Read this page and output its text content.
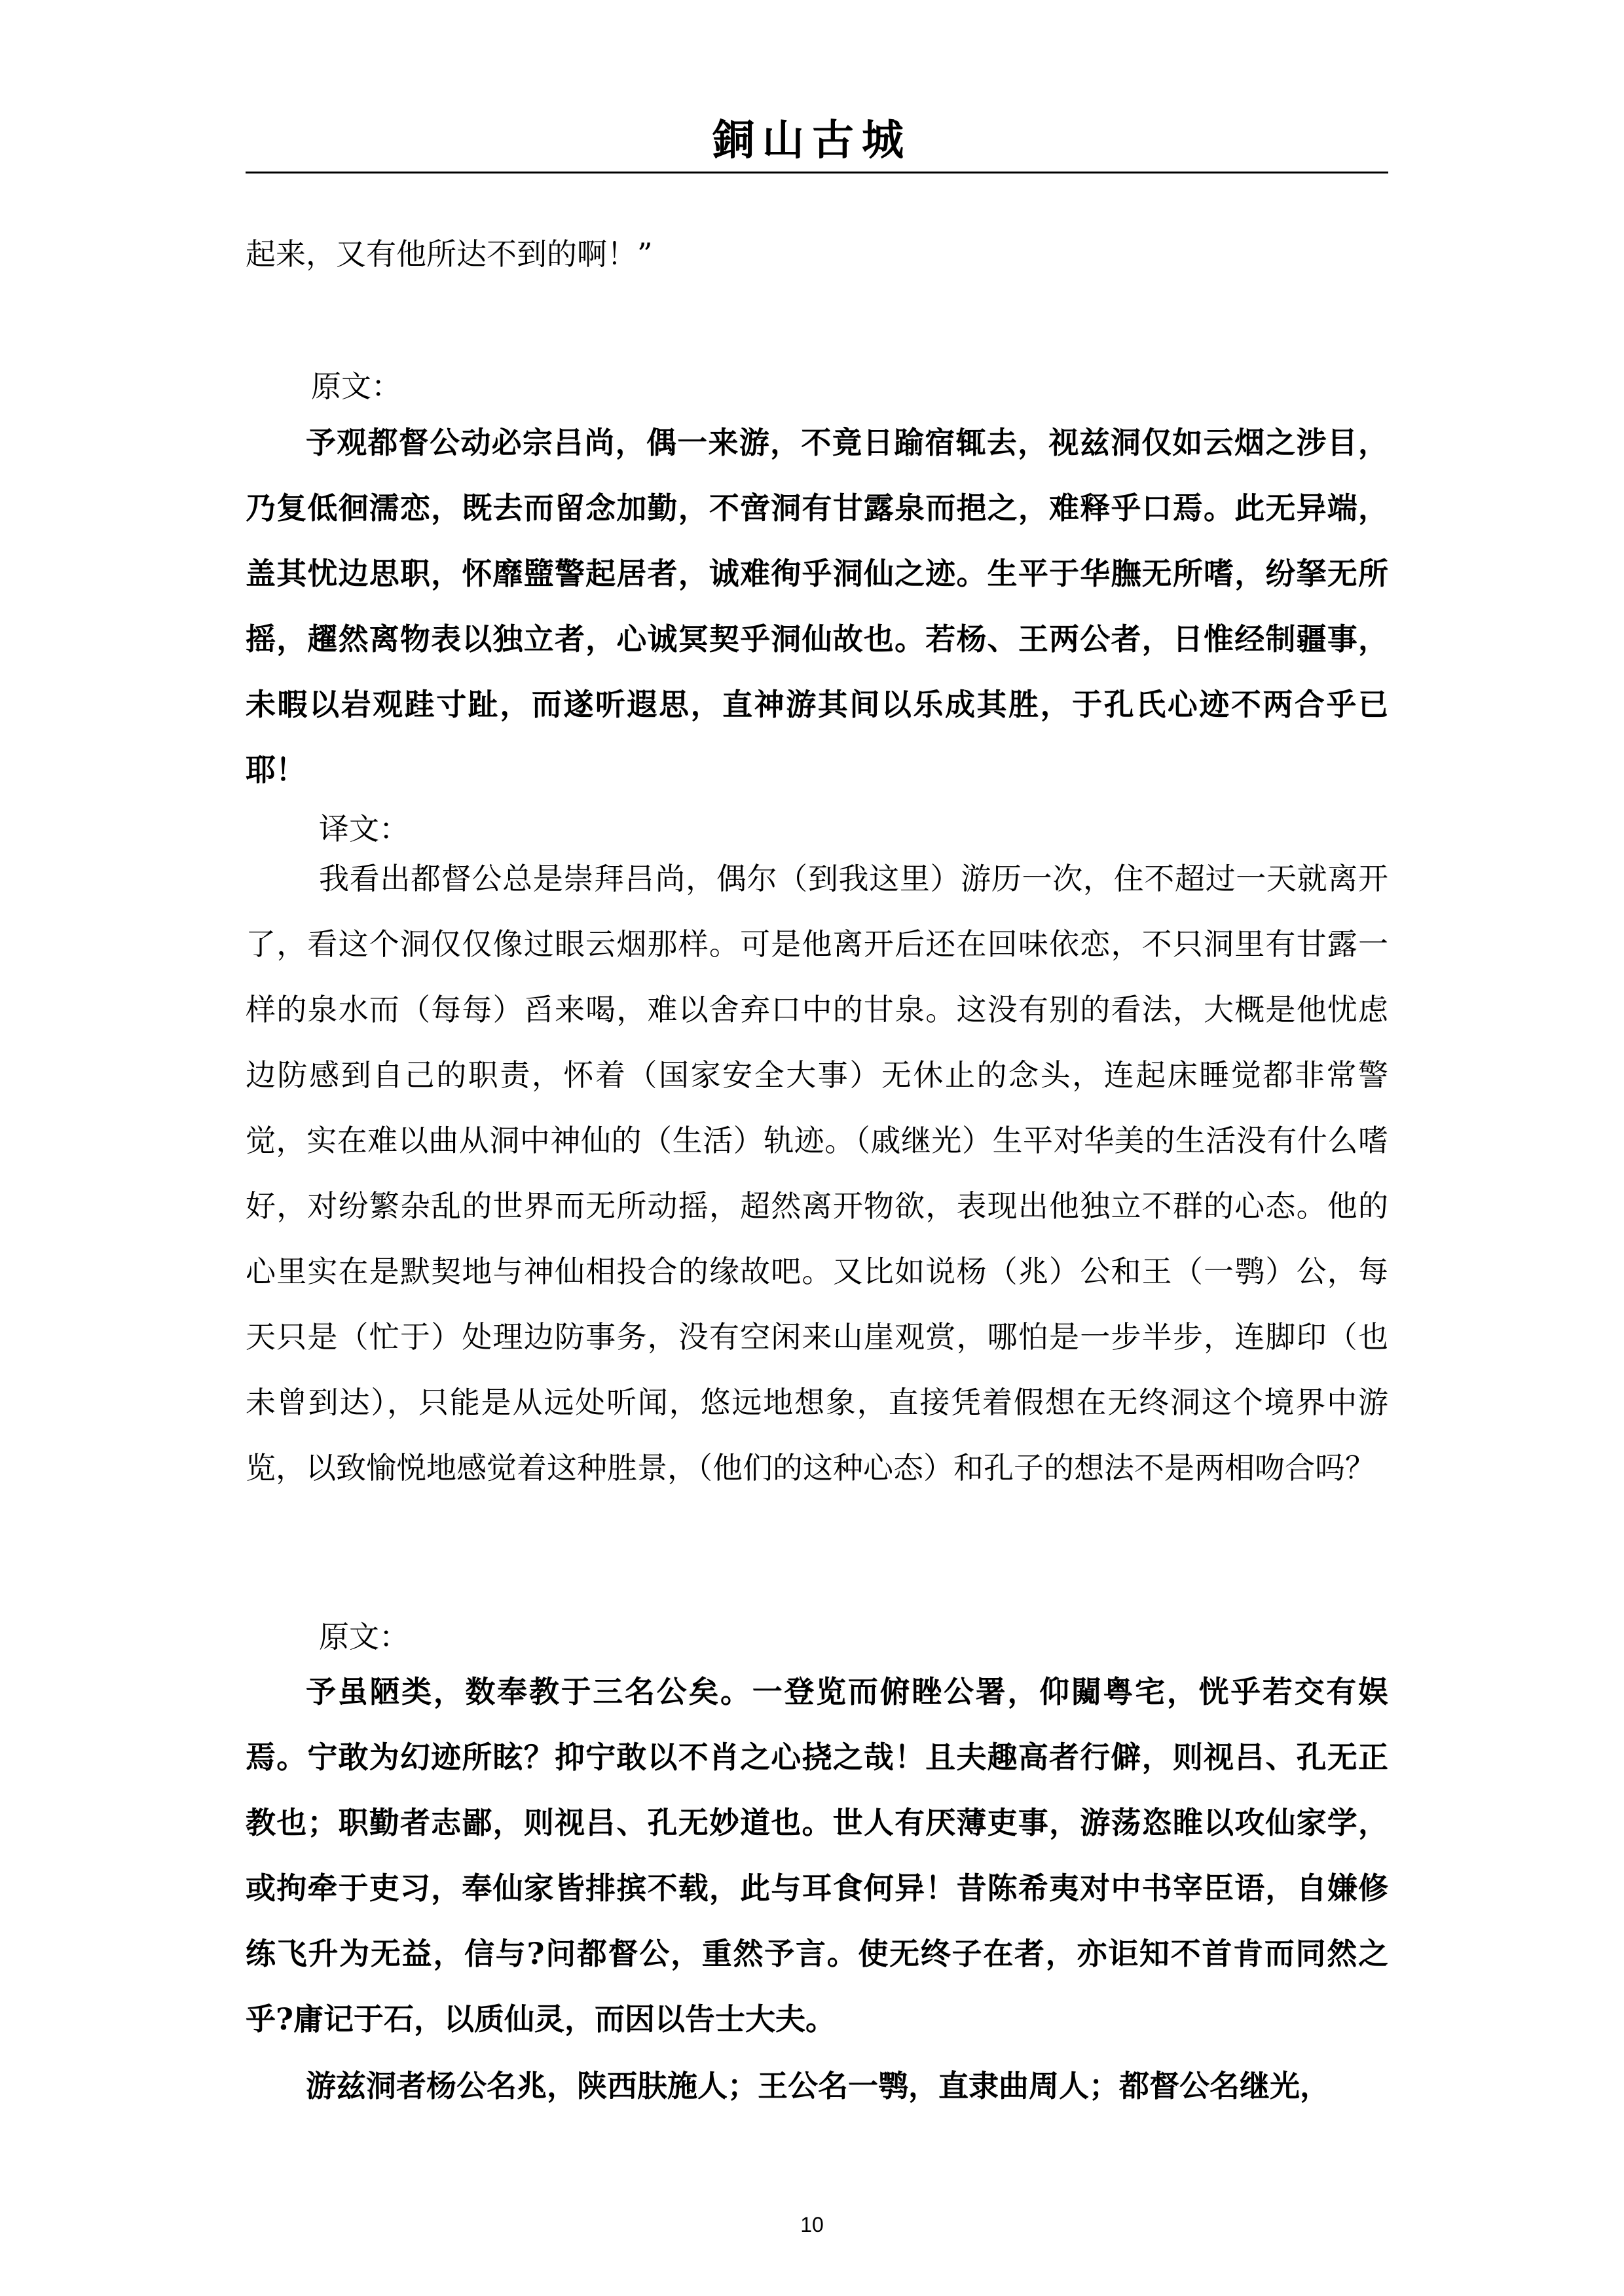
銅山古城

起来，又有他所达不到的啊！”

原文：

予观都督公动必宗吕尚，偶一来游，不竟日踰宿辄去，视兹洞仅如云烟之涉目，乃复低徊濡恋，既去而留念加勤，不啻洞有甘露泉而挹之，难释乎口焉。此无异端，盖其忧边思职，怀靡盬警起居者，诚难徇乎洞仙之迹。生平于华膴无所嗜，纷拏无所摇，趯然离物表以独立者，心诚冥契乎洞仙故也。若杨、王两公者，日惟经制疆事，未暇以岩观跬寸趾，而遂听遐思，直神游其间以乐成其胜，于孔氏心迹不两合乎已耶！

译文：

我看出都督公总是崇拜吕尚，偶尔（到我这里）游历一次，住不超过一天就离开了，看这个洞仅仅像过眼云烟那样。可是他离开后还在回味依恋，不只洞里有甘露一样的泉水而（每每）舀来喝，难以舍弃口中的甘泉。这没有别的看法，大概是他忧虑边防感到自己的职责，怀着（国家安全大事）无休止的念头，连起床睡觉都非常警觉，实在难以曲从洞中神仙的（生活）轨迹。（戚继光）生平对华美的生活没有什么嗜好，对纷繁杂乱的世界而无所动摇，超然离开物欲，表现出他独立不群的心态。他的心里实在是默契地与神仙相投合的缘故吧。又比如说杨（兆）公和王（一鹗）公，每天只是（忙于）处理边防事务，没有空闲来山崖观赏，哪怕是一步半步，连脚印（也未曾到达），只能是从远处听闻，悠远地想象，直接凭着假想在无终洞这个境界中游览，以致愉悦地感觉着这种胜景，（他们的这种心态）和孔子的想法不是两相吻合吗？

原文：

予虽陋类，数奉教于三名公矣。一登览而俯睉公署，仰闚粤宅，恍乎若交有娱焉。宁敢为幻迹所眩？抑宁敢以不肖之心挠之哉！且夫趣高者行僻，则视吕、孔无正教也；职勤者志鄙，则视吕、孔无妙道也。世人有厌薄吏事，游荡恣睢以攻仙家学，或拘牵于吏习，奉仙家皆排摈不载，此与耳食何异！昔陈希夷对中书宰臣语，自嫌修练飞升为无益，信与?问都督公，重然予言。使无终子在者，亦讵知不首肯而同然之乎?庸记于石，以质仙灵，而因以告士大夫。

游兹洞者杨公名兆，陕西肤施人；王公名一鹗，直隶曲周人；都督公名继光，

10
